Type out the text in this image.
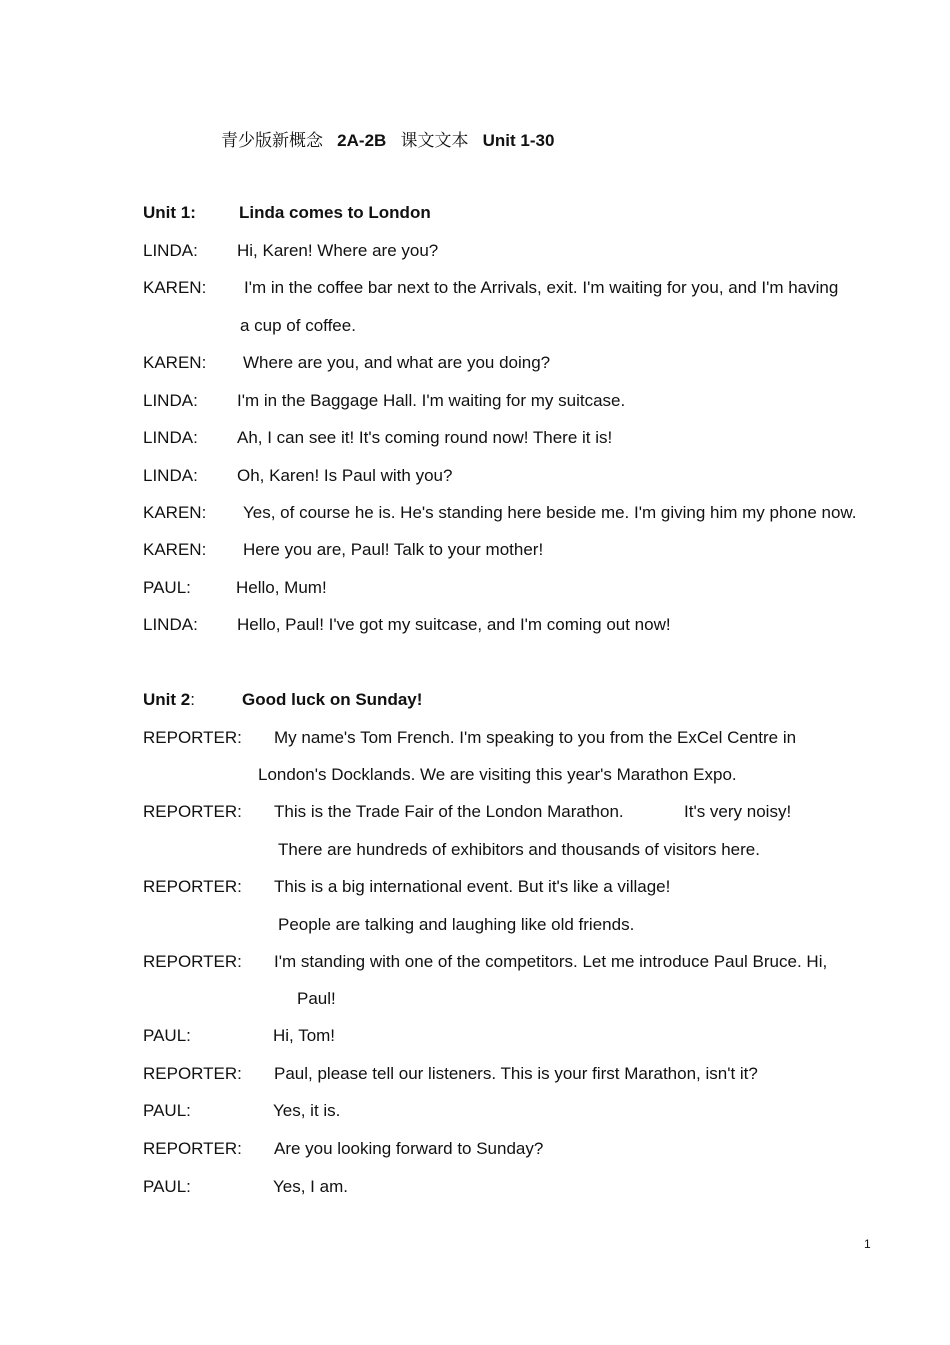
青少版新概念 2A-2B 课文文本 Unit 1-30
Unit 1:	Linda comes to London
LINDA: Hi, Karen! Where are you?
KAREN: I'm in the coffee bar next to the Arrivals, exit. I'm waiting for you, and I'm having
a cup of coffee.
KAREN: Where are you, and what are you doing?
LINDA: I'm in the Baggage Hall. I'm waiting for my suitcase.
LINDA: Ah, I can see it! It's coming round now! There it is!
LINDA: Oh, Karen! Is Paul with you?
KAREN: Yes, of course he is. He's standing here beside me. I'm giving him my phone now.
KAREN: Here you are, Paul! Talk to your mother!
PAUL:	Hello, Mum!
LINDA: Hello, Paul! I've got my suitcase, and I'm coming out now!
Unit 2:	Good luck on Sunday!
REPORTER: My name's Tom French. I'm speaking to you from the ExCel Centre in
London's Docklands. We are visiting this year's Marathon Expo.
REPORTER: This is the Trade Fair of the London Marathon.	It's very noisy!
There are hundreds of exhibitors and thousands of visitors here.
REPORTER: This is a big international event. But it's like a village!
People are talking and laughing like old friends.
REPORTER: I'm standing with one of the competitors. Let me introduce Paul Bruce. Hi,
Paul!
PAUL:	Hi, Tom!
REPORTER: Paul, please tell our listeners. This is your first Marathon, isn't it?
PAUL:	Yes, it is.
REPORTER: Are you looking forward to Sunday?
PAUL:	Yes, I am.
1
